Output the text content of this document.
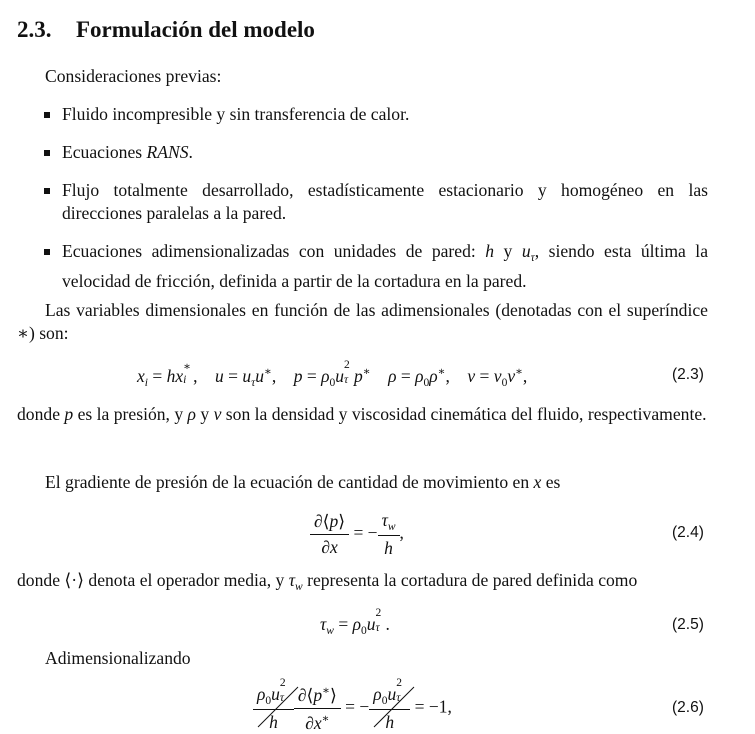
2.3. Formulación del modelo
Consideraciones previas:
Fluido incompresible y sin transferencia de calor.
Ecuaciones RANS.
Flujo totalmente desarrollado, estadísticamente estacionario y homogéneo en las direcciones paralelas a la pared.
Ecuaciones adimensionalizadas con unidades de pared: h y $u_\tau$, siendo esta última la velocidad de fricción, definida a partir de la cortadura en la pared.
Las variables dimensionales en función de las adimensionales (denotadas con el superíndice ∗) son:
$x_i$ = hx ∗
i ,    $u = u_\tau u^∗$,    $p = \rho_0u$
2
τ p∗ $\rho = \rho_0\rho^∗$,    $\nu = \nu_0\nu^∗$,	(2.3)
donde p es la presión, y ρ y ν son la densidad y viscosidad cinemática del fluido, respectivamente.
El gradiente de presión de la ecuación de cantidad de movimiento en x es
$\frac{\partial⟨p⟩}{\partial x}$ = − $\frac{\tau_w}{h}$ ,	(2.4)
donde ⟨·⟩ denota el operador media, y $\tau_w$ representa la cortadura de pared definida como
$\tau_w = \rho_0u$
2
τ .	(2.5)
Adimensionalizando
$\rho_0u$
2
τ
h $\frac{\partial⟨p^∗⟩}{\partial x^∗}$ = − $\rho_0u$
2
τ
h = −1,	(2.6)
